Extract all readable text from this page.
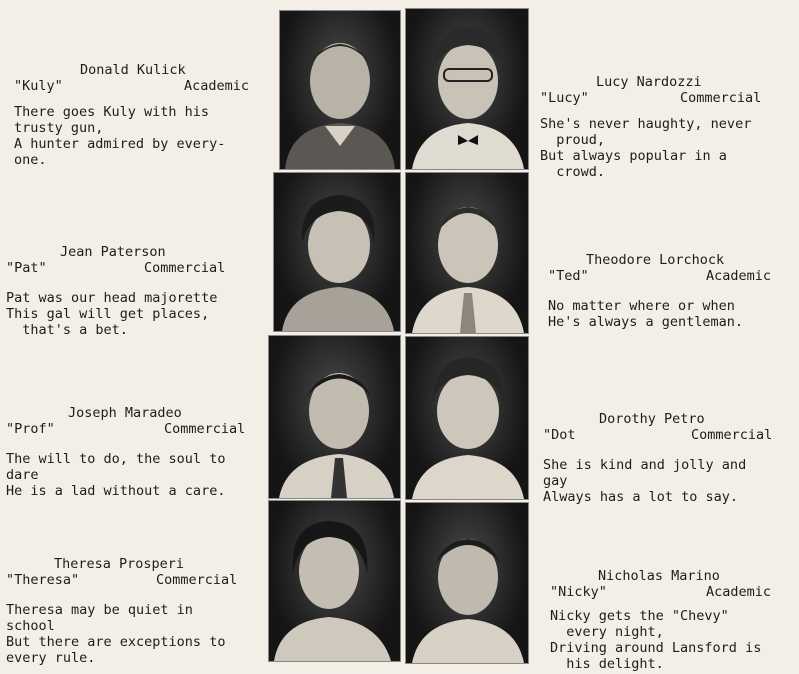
Donald Kulick
"Kuly"	Academic
There goes Kuly with his
trusty gun,
A hunter admired by every-
one.
Jean Paterson
"Pat"	Commercial
Pat was our head majorette
This gal will get places,
that's a bet.
Joseph Maradeo
"Prof"	Commercial
The will to do, the soul to
dare
He is a lad without a care.
Theresa Prosperi
"Theresa"	Commercial
Theresa may be quiet in
school
But there are exceptions to
every rule.
Lucy Nardozzi
"Lucy"	Commercial
She's never haughty, never
proud,
But always popular in a
crowd.
Theodore Lorchock
"Ted"	Academic
No matter where or when
He's always a gentleman.
Dorothy Petro
"Dot	Commercial
She is kind and jolly and
gay
Always has a lot to say.
Nicholas Marino
"Nicky"	Academic
Nicky gets the "Chevy"
every night,
Driving around Lansford is
his delight.
